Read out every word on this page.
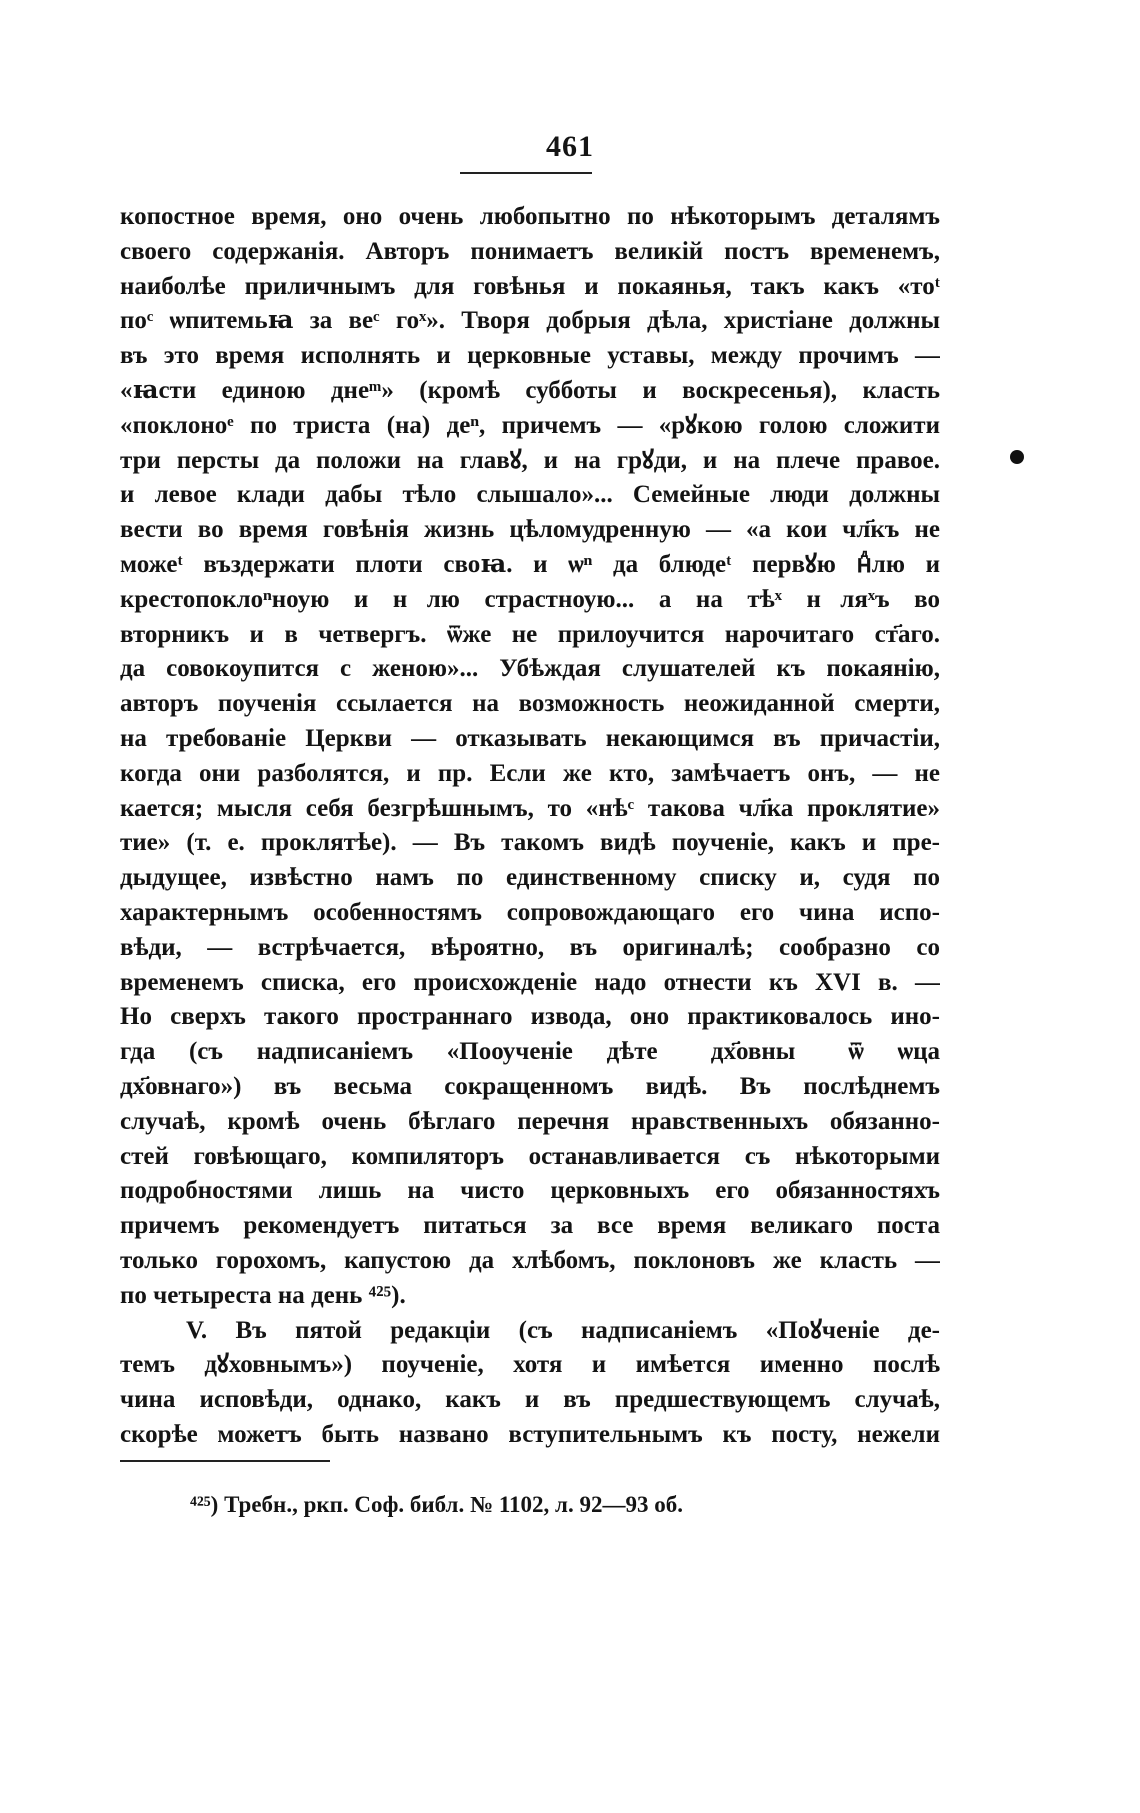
461
копостное время, оно очень любопытно по нѣкоторымъ деталямъ
своего содержанія. Авторъ понимаетъ великій постъ временемъ,
наиболѣе приличнымъ для говѣнья и покаянья, такъ какъ «тоᵗ
поᶜ ѡпитемьꙗ за веᶜ гоˣ». Творя добрыя дѣла, христіане должны
въ это время исполнять и церковные уставы, между прочимъ —
«ꙗсти единою днеᵐ» (кромѣ субботы и воскресенья), класть
«поклоноᵉ по триста (на) деⁿ, причемъ — «рꙋкою голою сложити
три персты да положи на главꙋ, и на грꙋди, и на плече правое.
и левое клади дабы тѣло слышало»... Семейные люди должны
вести во время говѣнія жизнь цѣломудренную — «а кои чл҃къ не
можеᵗ въздержати плоти своꙗ. и ѡⁿ да блюдеᵗ первꙋю нⷣлю и
крестопоклоⁿноую и нⷣлю страстноую... а на тѣˣ нⷣляˣъ во
вторникъ и в четвергъ. ѿже не прилоучится нарочитаго ст҃аго.
да совокоупится с женою»... Убѣждая слушателей къ покаянію,
авторъ поученія ссылается на возможность неожиданной смерти,
на требованіе Церкви — отказывать некающимся въ причастіи,
когда они разболятся, и пр. Если же кто, замѣчаетъ онъ, — не
кается; мысля себя безгрѣшнымъ, то «нѣᶜ такова чл҃ка проклятие»
тие» (т. е. проклятѣе). — Въ такомъ видѣ поученіе, какъ и пре-
дыдущее, извѣстно намъ по единственному списку и, судя по
характернымъ особенностямъ сопровождающаго его чина испо-
вѣди, — встрѣчается, вѣроятно, въ оригиналѣ; сообразно со
временемъ списка, его происхожденіе надо отнести къ XVI в. —
Но сверхъ такого пространнаго извода, оно практиковалось ино-
гда (съ надписаніемъ «Пооученіе дѣтеⷨ дх҃овныⷨ ѿ ѡца
дх҃овнаго») въ весьма сокращенномъ видѣ. Въ послѣднемъ
случаѣ, кромѣ очень бѣглаго перечня нравственныхъ обязанно-
стей говѣющаго, компиляторъ останавливается съ нѣкоторыми
подробностями лишь на чисто церковныхъ его обязанностяхъ
причемъ рекомендуетъ питаться за все время великаго поста
только горохомъ, капустою да хлѣбомъ, поклоновъ же класть —
по четыреста на день ⁴²⁵).
V. Въ пятой редакціи (съ надписаніемъ «Поꙋченіе де-
темъ дꙋховнымъ») поученіе, хотя и имѣется именно послѣ
чина исповѣди, однако, какъ и въ предшествующемъ случаѣ,
скорѣе можетъ быть названо вступительнымъ къ посту, нежели
⁴²⁵) Требн., ркп. Соф. библ. № 1102, л. 92—93 об.
